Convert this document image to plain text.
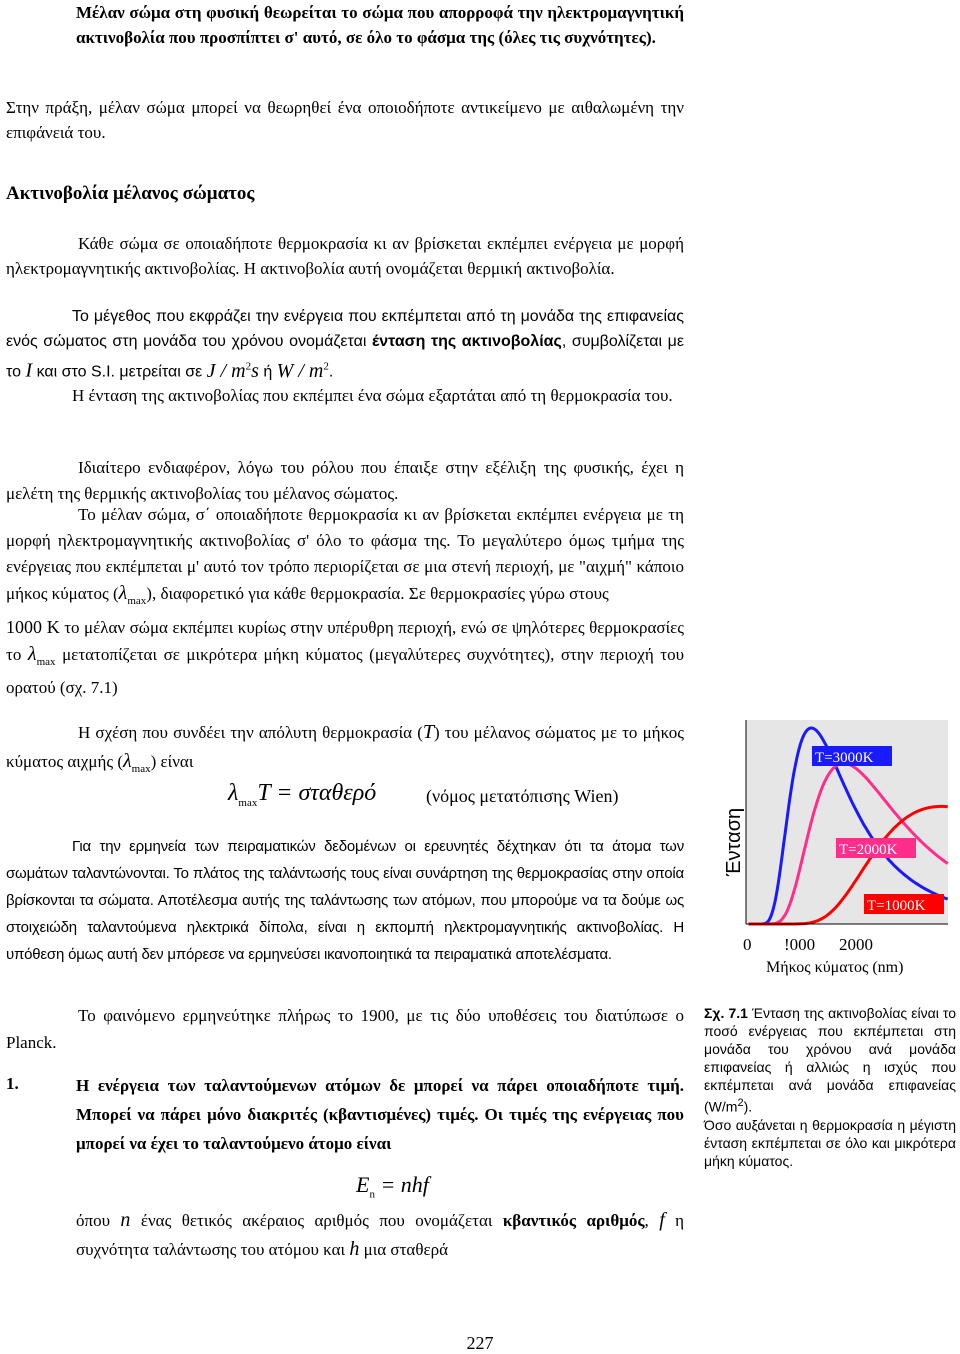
Μέλαν σώμα στη φυσική θεωρείται το σώμα που απορροφά την ηλεκτρομαγνητική ακτινοβολία που προσπίπτει σ' αυτό, σε όλο το φάσμα της (όλες τις συχνότητες).
Στην πράξη, μέλαν σώμα μπορεί να θεωρηθεί ένα οποιοδήποτε αντικείμενο με αιθαλωμένη την επιφάνειά του.
Ακτινοβολία μέλανος σώματος
Κάθε σώμα σε οποιαδήποτε θερμοκρασία κι αν βρίσκεται εκπέμπει ενέργεια με μορφή ηλεκτρομαγνητικής ακτινοβολίας. Η ακτινοβολία αυτή ονομάζεται θερμική ακτινοβολία.
Το μέγεθος που εκφράζει την ενέργεια που εκπέμπεται από τη μονάδα της επιφανείας ενός σώματος στη μονάδα του χρόνου ονομάζεται ένταση της ακτινοβολίας, συμβολίζεται με το I και στο S.I. μετρείται σε J / $m^2s$ ή W / $m^2$.
Η ένταση της ακτινοβολίας που εκπέμπει ένα σώμα εξαρτάται από τη θερμοκρασία του.
Ιδιαίτερο ενδιαφέρον, λόγω του ρόλου που έπαιξε στην εξέλιξη της φυσικής, έχει η μελέτη της θερμικής ακτινοβολίας του μέλανος σώματος.
Το μέλαν σώμα, σ΄ οποιαδήποτε θερμοκρασία κι αν βρίσκεται εκπέμπει ενέργεια με τη μορφή ηλεκτρομαγνητικής ακτινοβολίας σ' όλο το φάσμα της. Το μεγαλύτερο όμως τμήμα της ενέργειας που εκπέμπεται μ' αυτό τον τρόπο περιορίζεται σε μια στενή περιοχή, με "αιχμή" κάποιο μήκος κύματος $(\lambda_{max})$, διαφορετικό για κάθε θερμοκρασία. Σε θερμοκρασίες γύρω στους
1000 K το μέλαν σώμα εκπέμπει κυρίως στην υπέρυθρη περιοχή, ενώ σε ψηλότερες θερμοκρασίες το $\lambda_{max}$ μετατοπίζεται σε μικρότερα μήκη κύματος (μεγαλύτερες συχνότητες), στην περιοχή του ορατού (σχ. 7.1)
Η σχέση που συνδέει την απόλυτη θερμοκρασία (T) του μέλανος σώματος με το μήκος κύματος αιχμής $(\lambda_{max})$ είναι
$\lambda_{max}T = \sigma\tau\alpha\theta\varepsilon\rho ό$	(νόμος μετατόπισης Wien)
Για την ερμηνεία των πειραματικών δεδομένων οι ερευνητές δέχτηκαν ότι τα άτομα των σωμάτων ταλαντώνονται. Το πλάτος της ταλάντωσής τους είναι συνάρτηση της θερμοκρασίας στην οποία βρίσκονται τα σώματα. Αποτέλεσμα αυτής της ταλάντωσης των ατόμων, που μπορούμε να τα δούμε ως στοιχειώδη ταλαντούμενα ηλεκτρικά δίπολα, είναι η εκπομπή ηλεκτρομαγνητικής ακτινοβολίας. Η υπόθεση όμως αυτή δεν μπόρεσε να ερμηνεύσει ικανοποιητικά τα πειραματικά αποτελέσματα.
Το φαινόμενο ερμηνεύτηκε πλήρως το 1900, με τις δύο υποθέσεις του διατύπωσε ο Planck.
1.	Η ενέργεια των ταλαντούμενων ατόμων δε μπορεί να πάρει οποιαδήποτε τιμή. Μπορεί να πάρει μόνο διακριτές (κβαντισμένες) τιμές. Οι τιμές της ενέργειας που μπορεί να έχει το ταλαντούμενο άτομο είναι
$E_n$ = nhf
όπου n ένας θετικός ακέραιος αριθμός που ονομάζεται κβαντικός αριθμός, f η συχνότητα ταλάντωσης του ατόμου και h μια σταθερά
Ένταση
T=3000K
T=2000K
T=1000K
0 !000 2000
Μήκος κύματος (nm)
Σχ. 7.1 Ένταση της ακτινοβολίας είναι το ποσό ενέργειας που εκπέμπεται στη μονάδα του χρόνου ανά μονάδα επιφανείας ή αλλιώς η ισχύς που εκπέμπεται ανά μονάδα επιφανείας $(W/m^2)$.
Όσο αυξάνεται η θερμοκρασία η μέγιστη ένταση εκπέμπεται σε όλο και μικρότερα μήκη κύματος.
227
